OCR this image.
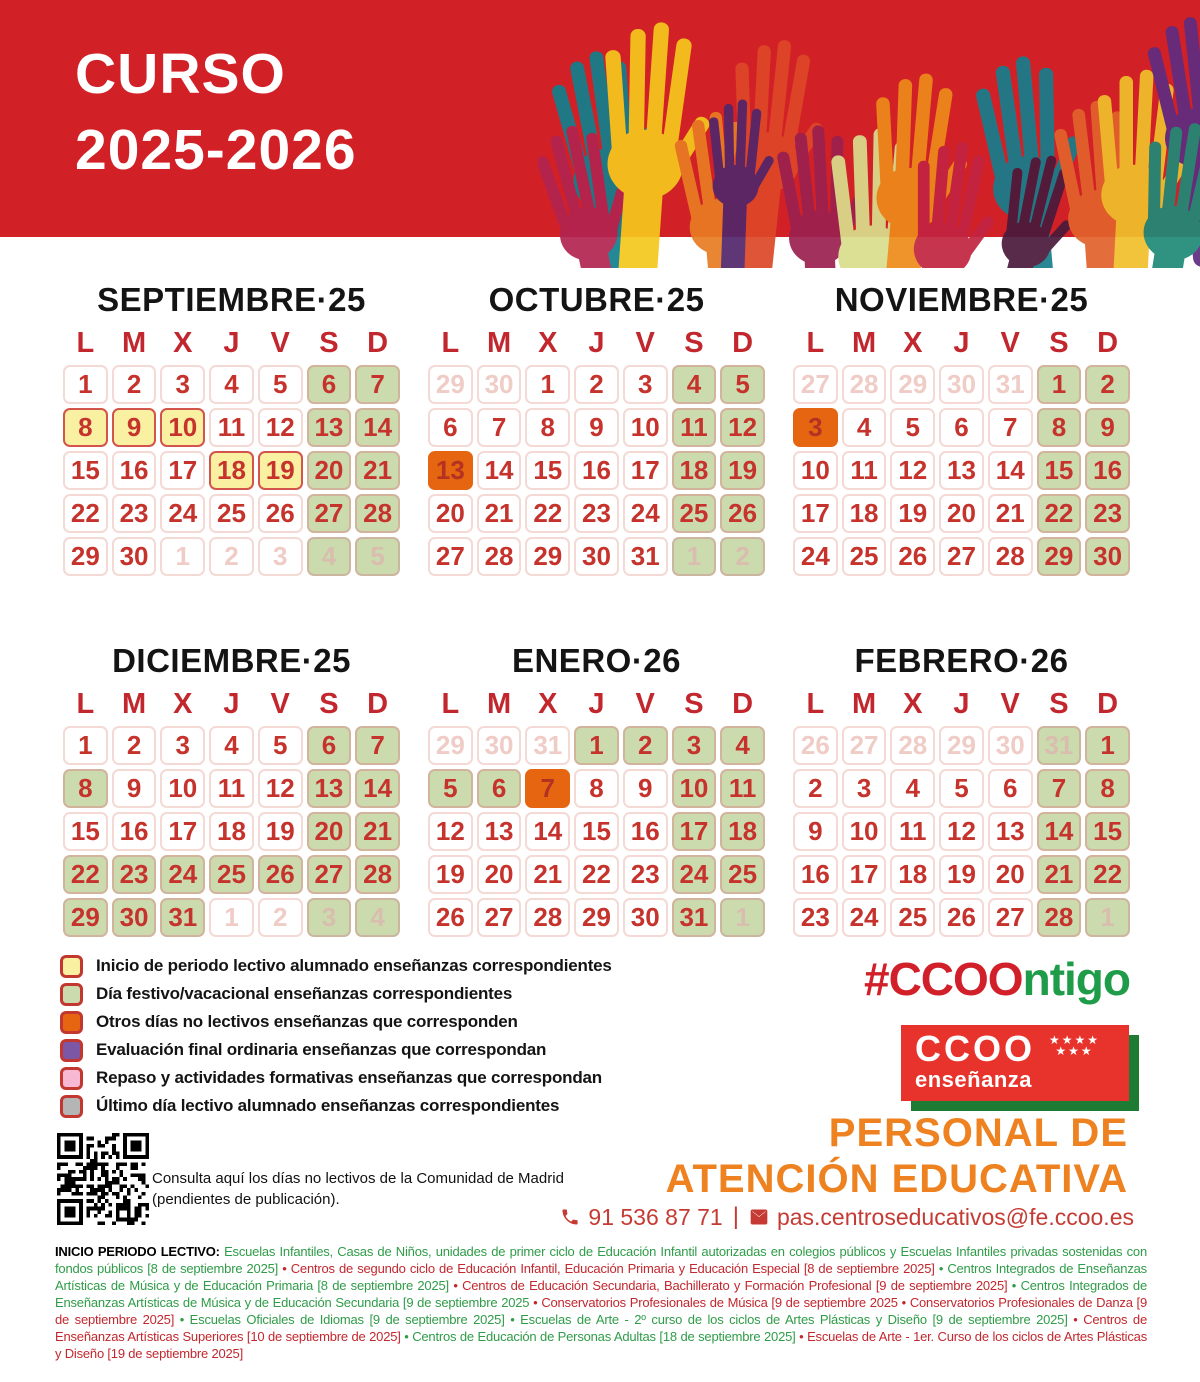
CURSO
2025-2026
SEPTIEMBRE·25
L M X	J	V	S D
1	2	3	4	5	6	7
8	9	10 11 12 13 14
15 16 17 18 19 20 21
22 23 24 25 26 27 28
29 30	1	2	3	4	5
OCTUBRE·25
L M X	J	V	S D
29 30	1	2	3	4	5
6	7	8	9	10 11 12
13 14 15 16 17 18 19
20 21 22 23 24 25 26
27 28 29 30 31	1	2
NOVIEMBRE·25
L M X	J	V	S D
27 28 29 30 31	1	2
3	4	5	6	7	8	9
10 11 12 13 14 15 16
17 18 19 20 21 22 23
24 25 26 27 28 29 30
DICIEMBRE·25
L M X	J	V	S D
1	2	3	4	5	6	7
8	9	10 11 12 13 14
15 16 17 18 19 20 21
22 23 24 25 26 27 28
29 30 31	1	2	3	4
ENERO·26
L M X	J	V	S D
29 30 31	1	2	3	4
5	6	7	8	9	10 11
12 13 14 15 16 17 18
19 20 21 22 23 24 25
26 27 28 29 30 31	1
FEBRERO·26
L M X	J	V	S D
26 27 28 29 30 31	1
2	3	4	5	6	7	8
9	10 11 12 13 14 15
16 17 18 19 20 21 22
23 24 25 26 27 28	1
Inicio de periodo lectivo alumnado enseñanzas correspondientes
Día festivo/vacacional enseñanzas correspondientes
Otros días no lectivos enseñanzas que corresponden
Evaluación final ordinaria enseñanzas que correspondan
Repaso y actividades formativas enseñanzas que correspondan
Último día lectivo alumnado enseñanzas correspondientes
#CCOOntigo
CCOO ★★★★
★★★
enseñanza
PERSONAL DE
ATENCIÓN EDUCATIVA
91 536 87 71 | pas.centroseducativos@fe.ccoo.es
Consulta aquí los días no lectivos de la Comunidad de Madrid
(pendientes de publicación).

INICIO PERIODO LECTIVO: Escuelas Infantiles, Casas de Niños, unidades de primer ciclo de Educación Infantil autorizadas en colegios públicos y Escuelas Infantiles privadas sostenidas con fondos públicos [8 de septiembre 2025] • Centros de segundo ciclo de Educación Infantil, Educación Primaria y Educación Especial [8 de septiembre 2025] • Centros Integrados de Enseñanzas Artísticas de Música y de Educación Primaria [8 de septiembre 2025] • Centros de Educación Secundaria, Bachillerato y Formación Profesional [9 de septiembre 2025] • Centros Integrados de Enseñanzas Artísticas de Música y de Educación Secundaria [9 de septiembre 2025 • Conservatorios Profesionales de Música [9 de septiembre 2025 • Conservatorios Profesionales de Danza [9 de septiembre 2025] • Escuelas Oficiales de Idiomas [9 de septiembre 2025] • Escuelas de Arte - 2º curso de los ciclos de Artes Plásticas y Diseño [9 de septiembre 2025] • Centros de Enseñanzas Artísticas Superiores [10 de septiembre de 2025] • Centros de Educación de Personas Adultas [18 de septiembre 2025] • Escuelas de Arte - 1er. Curso de los ciclos de Artes Plásticas y Diseño [19 de septiembre 2025]
